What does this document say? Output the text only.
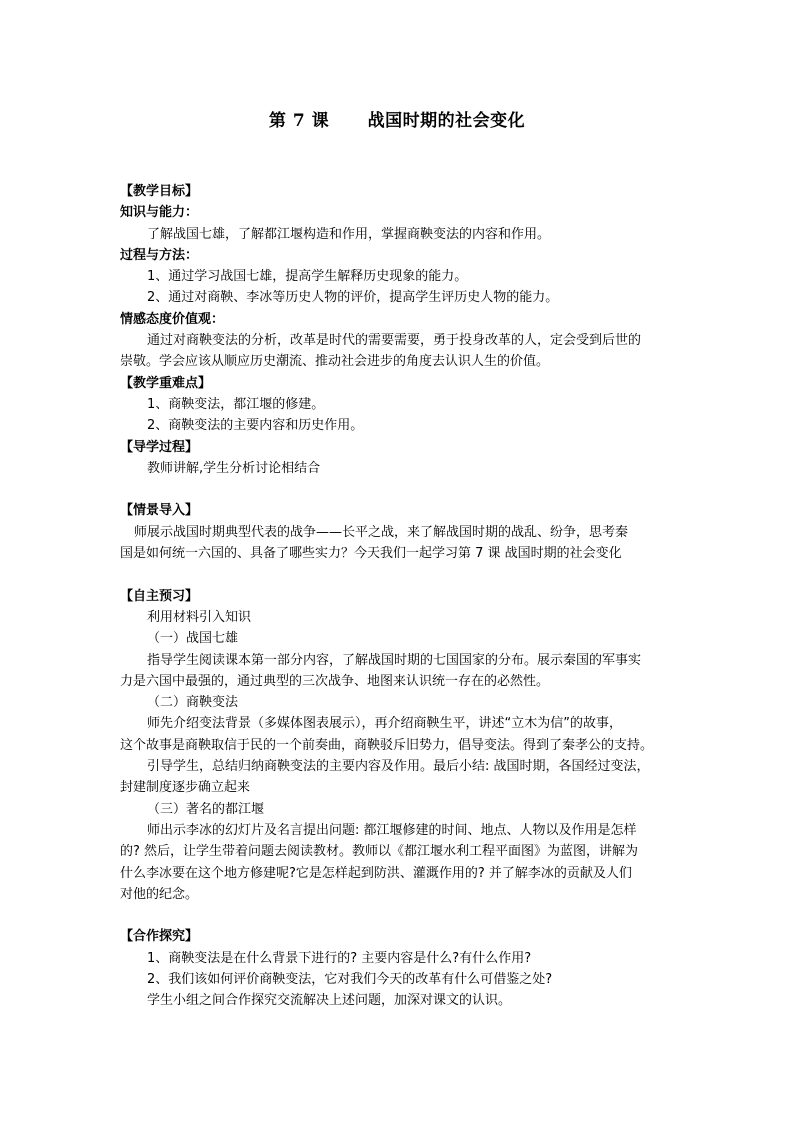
第 7 课      战国时期的社会变化
【教学目标】
知识与能力：
了解战国七雄，了解都江堰构造和作用，掌握商鞅变法的内容和作用。
过程与方法：
1、通过学习战国七雄，提高学生解释历史现象的能力。
2、通过对商鞅、李冰等历史人物的评价，提高学生评历史人物的能力。
情感态度价值观：
通过对商鞅变法的分析，改革是时代的需要需要，勇于投身改革的人，定会受到后世的
崇敬。学会应该从顺应历史潮流、推动社会进步的角度去认识人生的价值。
【教学重难点】
1、商鞅变法，都江堰的修建。
2、商鞅变法的主要内容和历史作用。
【导学过程】
教师讲解,学生分析讨论相结合
【情景导入】
师展示战国时期典型代表的战争——长平之战，来了解战国时期的战乱、纷争，思考秦
国是如何统一六国的、具备了哪些实力？今天我们一起学习第 7 课 战国时期的社会变化
【自主预习】
利用材料引入知识
（一）战国七雄
指导学生阅读课本第一部分内容，了解战国时期的七国国家的分布。展示秦国的军事实
力是六国中最强的，通过典型的三次战争、地图来认识统一存在的必然性。
（二）商鞅变法
师先介绍变法背景（多媒体图表展示），再介绍商鞅生平，讲述“立木为信”的故事，
这个故事是商鞅取信于民的一个前奏曲，商鞅驳斥旧势力，倡导变法。得到了秦孝公的支持。
引导学生，总结归纳商鞅变法的主要内容及作用。最后小结: 战国时期，各国经过变法，
封建制度逐步确立起来
（三）著名的都江堰
师出示李冰的幻灯片及名言提出问题: 都江堰修建的时间、地点、人物以及作用是怎样
的? 然后，让学生带着问题去阅读教材。教师以《都江堰水利工程平面图》为蓝图，讲解为
什么李冰要在这个地方修建呢?它是怎样起到防洪、灌溉作用的? 并了解李冰的贡献及人们
对他的纪念。
【合作探究】
1、商鞅变法是在什么背景下进行的? 主要内容是什么?有什么作用?
2、我们该如何评价商鞅变法，它对我们今天的改革有什么可借鉴之处?
学生小组之间合作探究交流解决上述问题，加深对课文的认识。
